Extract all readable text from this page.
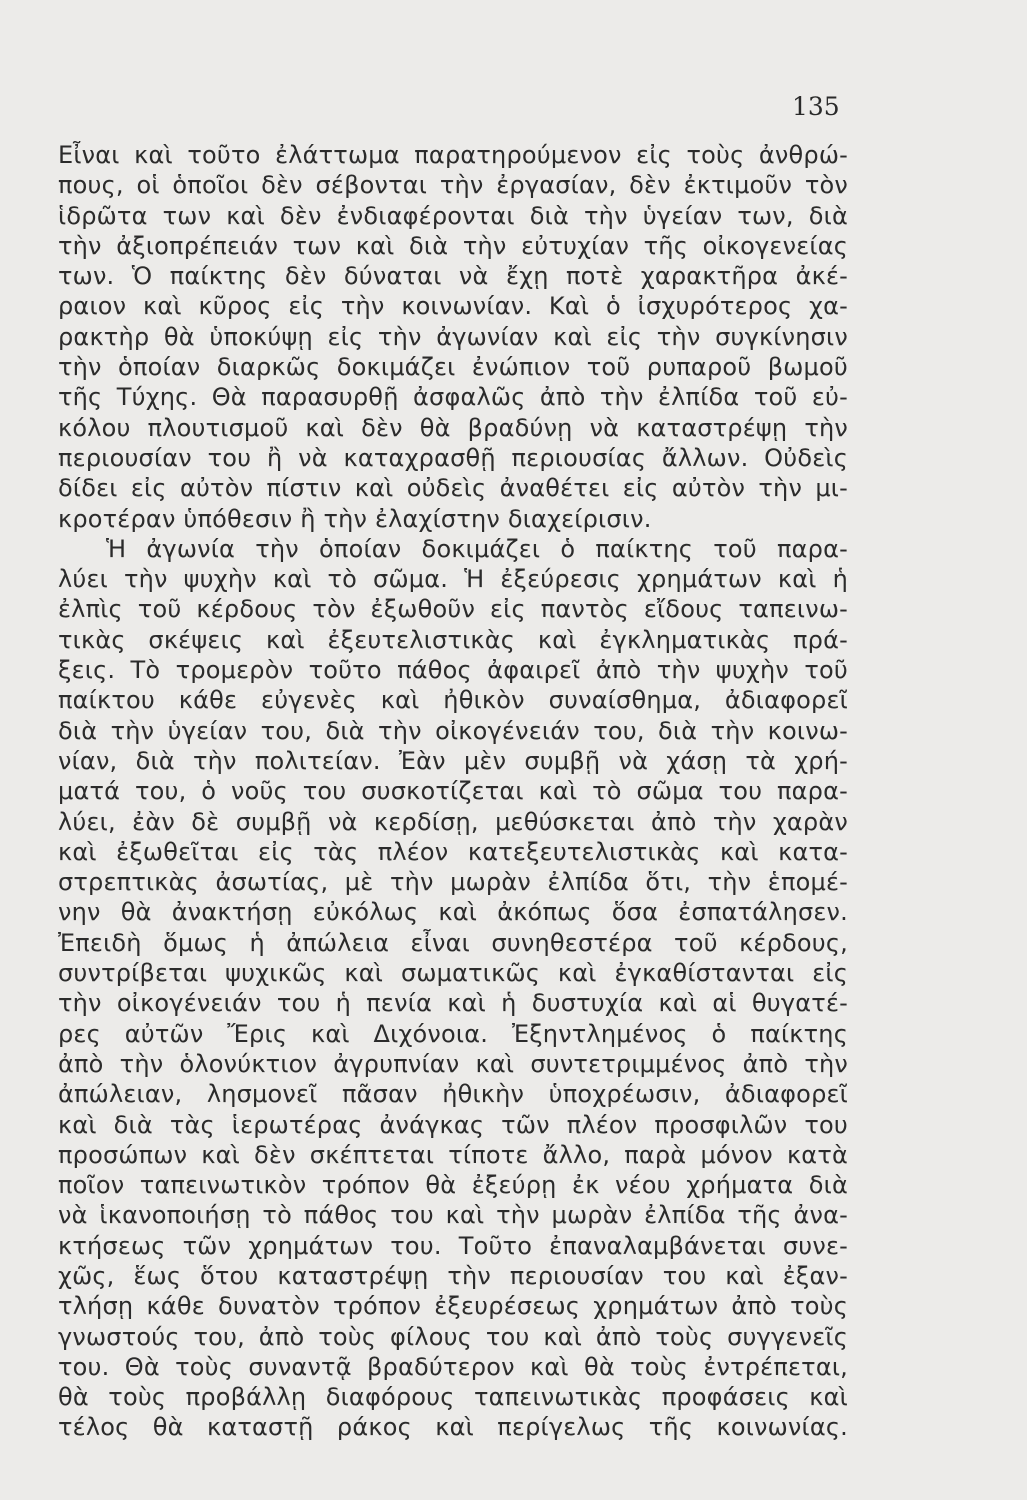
135
Εἶναι καὶ τοῦτο ἐλάττωμα παρατηρούμενον εἰς τοὺς ἀνθρώ-
πους, οἱ ὁποῖοι δὲν σέβονται τὴν ἐργασίαν, δὲν ἐκτιμοῦν τὸν
ἱδρῶτα των καὶ δὲν ἐνδιαφέρονται διὰ τὴν ὑγείαν των, διὰ
τὴν ἀξιοπρέπειάν των καὶ διὰ τὴν εὐτυχίαν τῆς οἰκογενείας
των. Ὁ παίκτης δὲν δύναται νὰ ἔχῃ ποτὲ χαρακτῆρα ἀκέ-
ραιον καὶ κῦρος εἰς τὴν κοινωνίαν. Καὶ ὁ ἰσχυρότερος χα-
ρακτὴρ θὰ ὑποκύψῃ εἰς τὴν ἀγωνίαν καὶ εἰς τὴν συγκίνησιν
τὴν ὁποίαν διαρκῶς δοκιμάζει ἐνώπιον τοῦ ρυπαροῦ βωμοῦ
τῆς Τύχης. Θὰ παρασυρθῇ ἀσφαλῶς ἀπὸ τὴν ἐλπίδα τοῦ εὐ-
κόλου πλουτισμοῦ καὶ δὲν θὰ βραδύνῃ νὰ καταστρέψῃ τὴν
περιουσίαν του ἢ νὰ καταχρασθῇ περιουσίας ἄλλων. Οὐδεὶς
δίδει εἰς αὐτὸν πίστιν καὶ οὐδεὶς ἀναθέτει εἰς αὐτὸν τὴν μι-
κροτέραν ὑπόθεσιν ἢ τὴν ἐλαχίστην διαχείρισιν.
Ἡ ἀγωνία τὴν ὁποίαν δοκιμάζει ὁ παίκτης τοῦ παρα-
λύει τὴν ψυχὴν καὶ τὸ σῶμα. Ἡ ἐξεύρεσις χρημάτων καὶ ἡ
ἐλπὶς τοῦ κέρδους τὸν ἐξωθοῦν εἰς παντὸς εἴδους ταπεινω-
τικὰς σκέψεις καὶ ἐξευτελιστικὰς καὶ ἐγκληματικὰς πρά-
ξεις. Τὸ τρομερὸν τοῦτο πάθος ἀφαιρεῖ ἀπὸ τὴν ψυχὴν τοῦ
παίκτου κάθε εὐγενὲς καὶ ἠθικὸν συναίσθημα, ἀδιαφορεῖ
διὰ τὴν ὑγείαν του, διὰ τὴν οἰκογένειάν του, διὰ τὴν κοινω-
νίαν, διὰ τὴν πολιτείαν. Ἐὰν μὲν συμβῇ νὰ χάσῃ τὰ χρή-
ματά του, ὁ νοῦς του συσκοτίζεται καὶ τὸ σῶμα του παρα-
λύει, ἐὰν δὲ συμβῇ νὰ κερδίσῃ, μεθύσκεται ἀπὸ τὴν χαρὰν
καὶ ἐξωθεῖται εἰς τὰς πλέον κατεξευτελιστικὰς καὶ κατα-
στρεπτικὰς ἀσωτίας, μὲ τὴν μωρὰν ἐλπίδα ὅτι, τὴν ἑπομέ-
νην θὰ ἀνακτήσῃ εὐκόλως καὶ ἀκόπως ὅσα ἐσπατάλησεν.
Ἐπειδὴ ὅμως ἡ ἀπώλεια εἶναι συνηθεστέρα τοῦ κέρδους,
συντρίβεται ψυχικῶς καὶ σωματικῶς καὶ ἐγκαθίστανται εἰς
τὴν οἰκογένειάν του ἡ πενία καὶ ἡ δυστυχία καὶ αἱ θυγατέ-
ρες αὐτῶν Ἔρις καὶ Διχόνοια. Ἐξηντλημένος ὁ παίκτης
ἀπὸ τὴν ὁλονύκτιον ἀγρυπνίαν καὶ συντετριμμένος ἀπὸ τὴν
ἀπώλειαν, λησμονεῖ πᾶσαν ἠθικὴν ὑποχρέωσιν, ἀδιαφορεῖ
καὶ διὰ τὰς ἱερωτέρας ἀνάγκας τῶν πλέον προσφιλῶν του
προσώπων καὶ δὲν σκέπτεται τίποτε ἄλλο, παρὰ μόνον κατὰ
ποῖον ταπεινωτικὸν τρόπον θὰ ἐξεύρῃ ἐκ νέου χρήματα διὰ
νὰ ἱκανοποιήσῃ τὸ πάθος του καὶ τὴν μωρὰν ἐλπίδα τῆς ἀνα-
κτήσεως τῶν χρημάτων του. Τοῦτο ἐπαναλαμβάνεται συνε-
χῶς, ἕως ὅτου καταστρέψῃ τὴν περιουσίαν του καὶ ἐξαν-
τλήσῃ κάθε δυνατὸν τρόπον ἐξευρέσεως χρημάτων ἀπὸ τοὺς
γνωστούς του, ἀπὸ τοὺς φίλους του καὶ ἀπὸ τοὺς συγγενεῖς
του. Θὰ τοὺς συναντᾷ βραδύτερον καὶ θὰ τοὺς ἐντρέπεται,
θὰ τοὺς προβάλλῃ διαφόρους ταπεινωτικὰς προφάσεις καὶ
τέλος θὰ καταστῇ ράκος καὶ περίγελως τῆς κοινωνίας.
